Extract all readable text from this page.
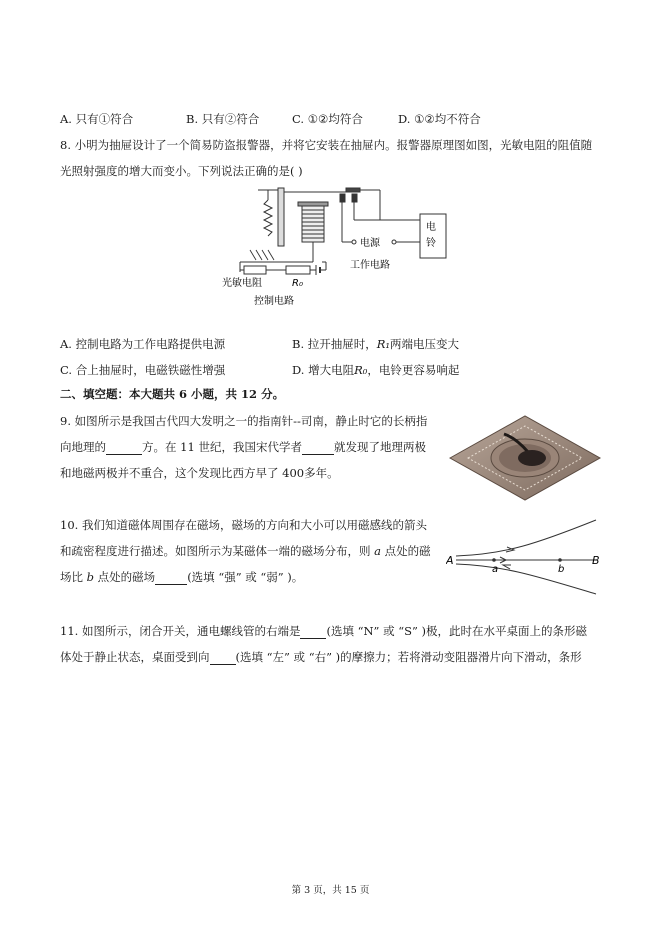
A. 只有①符合	B. 只有②符合	C. ①②均符合	D. ①②均不符合
8. 小明为抽屉设计了一个简易防盗报警器，并将它安装在抽屉内。报警器原理图如图，光敏电阻的阻值随
光照射强度的增大而变小。下列说法正确的是( )
电
铃
电源
工作电路
光敏电阻	R₀
控制电路
A. 控制电路为工作电路提供电源	B. 拉开抽屉时，R₁两端电压变大
C. 合上抽屉时，电磁铁磁性增强	D. 增大电阻R₀，电铃更容易响起
二、填空题：本大题共 6 小题，共 12 分。
9. 如图所示是我国古代四大发明之一的指南针--司南，静止时它的长柄指
向地理的	方。在 11 世纪，我国宋代学者	就发现了地理两极
和地磁两极并不重合，这个发现比西方早了 400多年。
10. 我们知道磁体周围存在磁场，磁场的方向和大小可以用磁感线的箭头
和疏密程度进行描述。如图所示为某磁体一端的磁场分布，则 a 点处的磁
场比 b 点处的磁场	(选填 “强” 或 “弱” )。
A	B
a	b
11. 如图所示，闭合开关，通电螺线管的右端是 (选填 “N” 或 “S” )极，此时在水平桌面上的条形磁
体处于静止状态，桌面受到向 (选填 “左” 或 “右” )的摩擦力；若将滑动变阻器滑片向下滑动，条形
第 3 页，共 15 页
